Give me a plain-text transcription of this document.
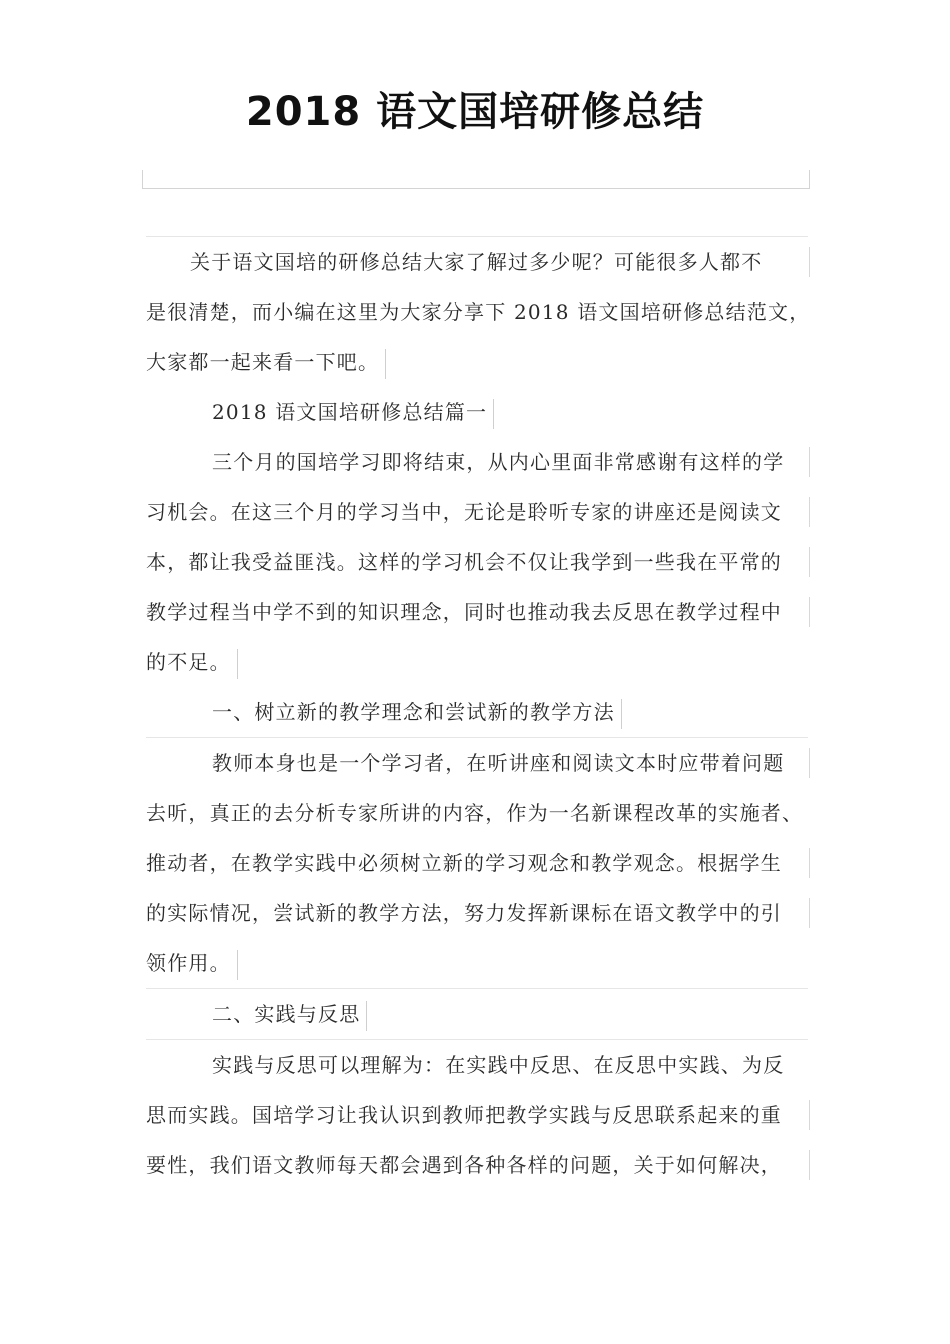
2018 语文国培研修总结
关于语文国培的研修总结大家了解过多少呢？可能很多人都不
是很清楚，而小编在这里为大家分享下 2018 语文国培研修总结范文，
大家都一起来看一下吧。
2018 语文国培研修总结篇一
三个月的国培学习即将结束，从内心里面非常感谢有这样的学
习机会。在这三个月的学习当中，无论是聆听专家的讲座还是阅读文
本，都让我受益匪浅。这样的学习机会不仅让我学到一些我在平常的
教学过程当中学不到的知识理念，同时也推动我去反思在教学过程中
的不足。
一、树立新的教学理念和尝试新的教学方法
教师本身也是一个学习者，在听讲座和阅读文本时应带着问题
去听，真正的去分析专家所讲的内容，作为一名新课程改革的实施者、
推动者，在教学实践中必须树立新的学习观念和教学观念。根据学生
的实际情况，尝试新的教学方法，努力发挥新课标在语文教学中的引
领作用。
二、实践与反思
实践与反思可以理解为：在实践中反思、在反思中实践、为反
思而实践。国培学习让我认识到教师把教学实践与反思联系起来的重
要性，我们语文教师每天都会遇到各种各样的问题，关于如何解决，
